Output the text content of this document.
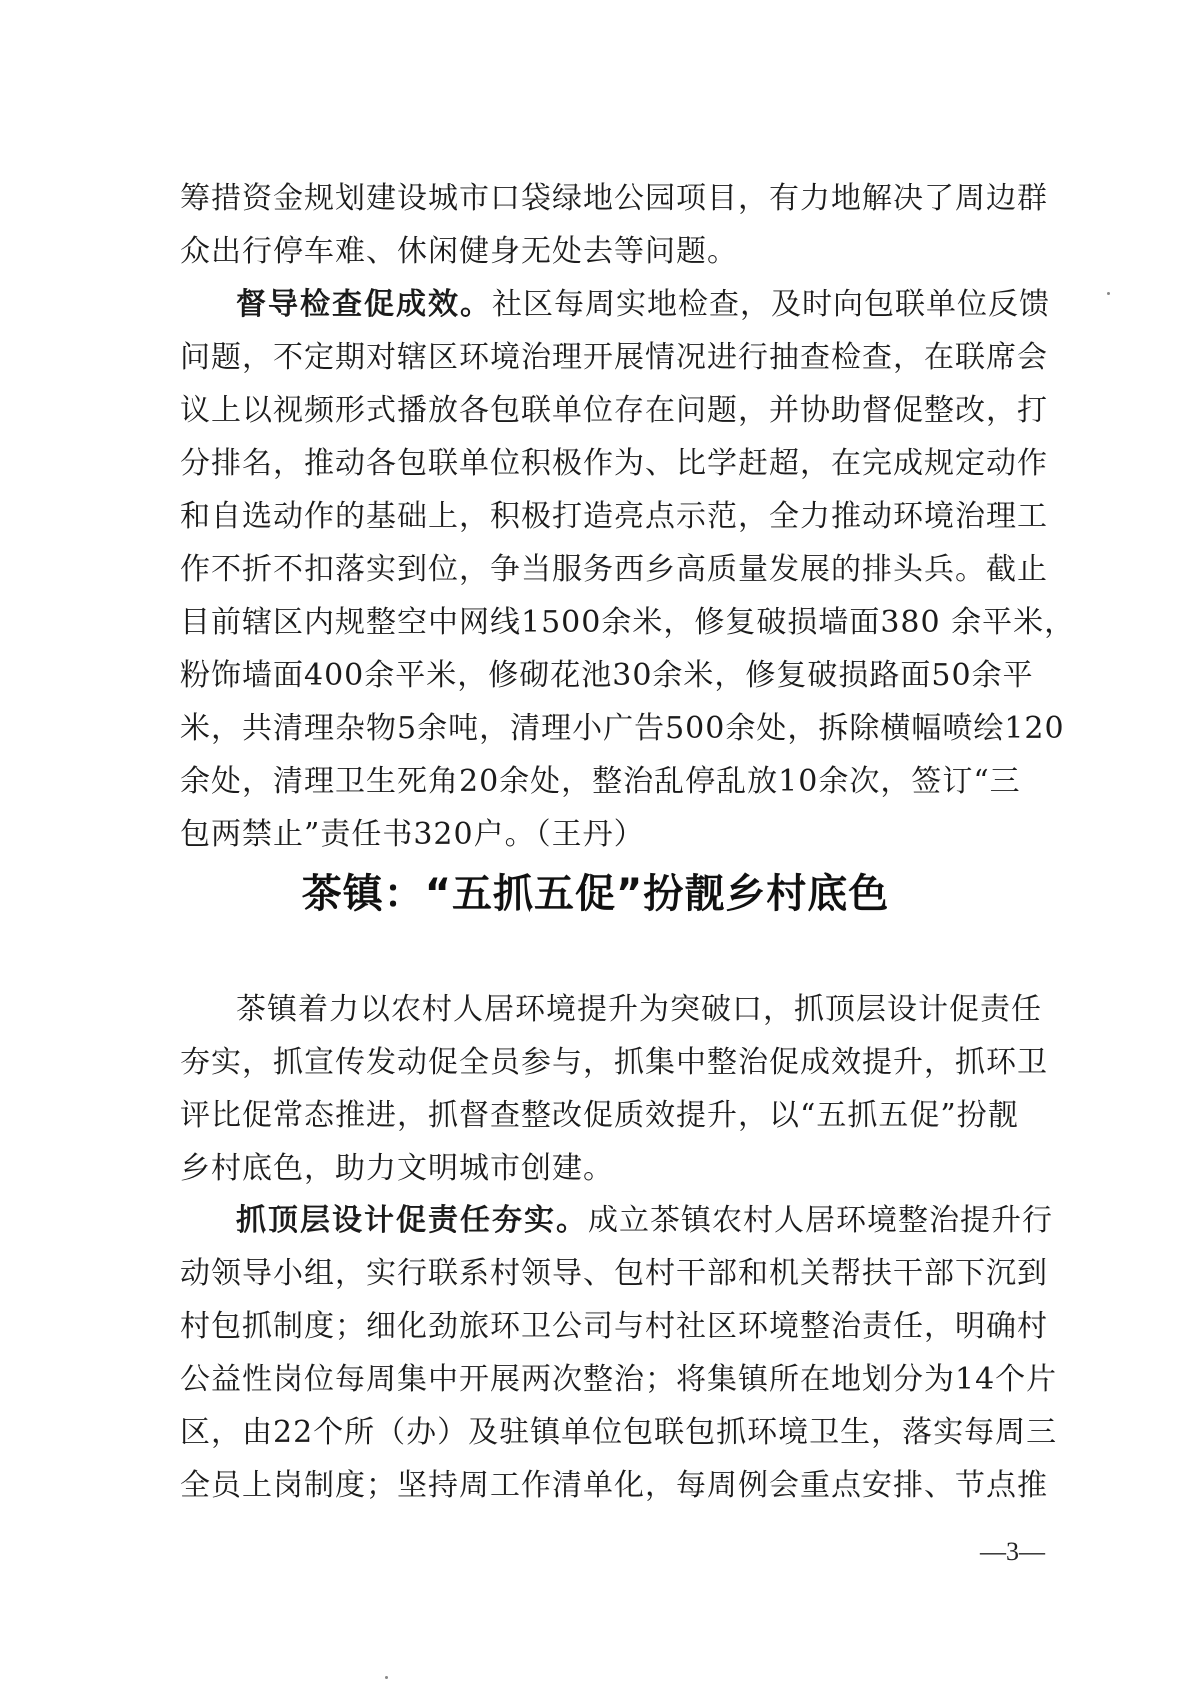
筹措资金规划建设城市口袋绿地公园项目，有力地解决了周边群
众出行停车难、休闲健身无处去等问题。
督导检查促成效。社区每周实地检查，及时向包联单位反馈
问题，不定期对辖区环境治理开展情况进行抽查检查，在联席会
议上以视频形式播放各包联单位存在问题，并协助督促整改，打
分排名，推动各包联单位积极作为、比学赶超，在完成规定动作
和自选动作的基础上，积极打造亮点示范，全力推动环境治理工
作不折不扣落实到位，争当服务西乡高质量发展的排头兵。截止
目前辖区内规整空中网线1500余米，修复破损墙面380 余平米，
粉饰墙面400余平米，修砌花池30余米，修复破损路面50余平
米，共清理杂物5余吨，清理小广告500余处，拆除横幅喷绘120
余处，清理卫生死角20余处，整治乱停乱放10余次，签订“三
包两禁止”责任书320户。（王丹）
茶镇：“五抓五促”扮靓乡村底色
茶镇着力以农村人居环境提升为突破口，抓顶层设计促责任
夯实，抓宣传发动促全员参与，抓集中整治促成效提升，抓环卫
评比促常态推进，抓督查整改促质效提升，以“五抓五促”扮靓
乡村底色，助力文明城市创建。
抓顶层设计促责任夯实。成立茶镇农村人居环境整治提升行
动领导小组，实行联系村领导、包村干部和机关帮扶干部下沉到
村包抓制度；细化劲旅环卫公司与村社区环境整治责任，明确村
公益性岗位每周集中开展两次整治；将集镇所在地划分为14个片
区，由22个所（办）及驻镇单位包联包抓环境卫生，落实每周三
全员上岗制度；坚持周工作清单化，每周例会重点安排、节点推
—3—
